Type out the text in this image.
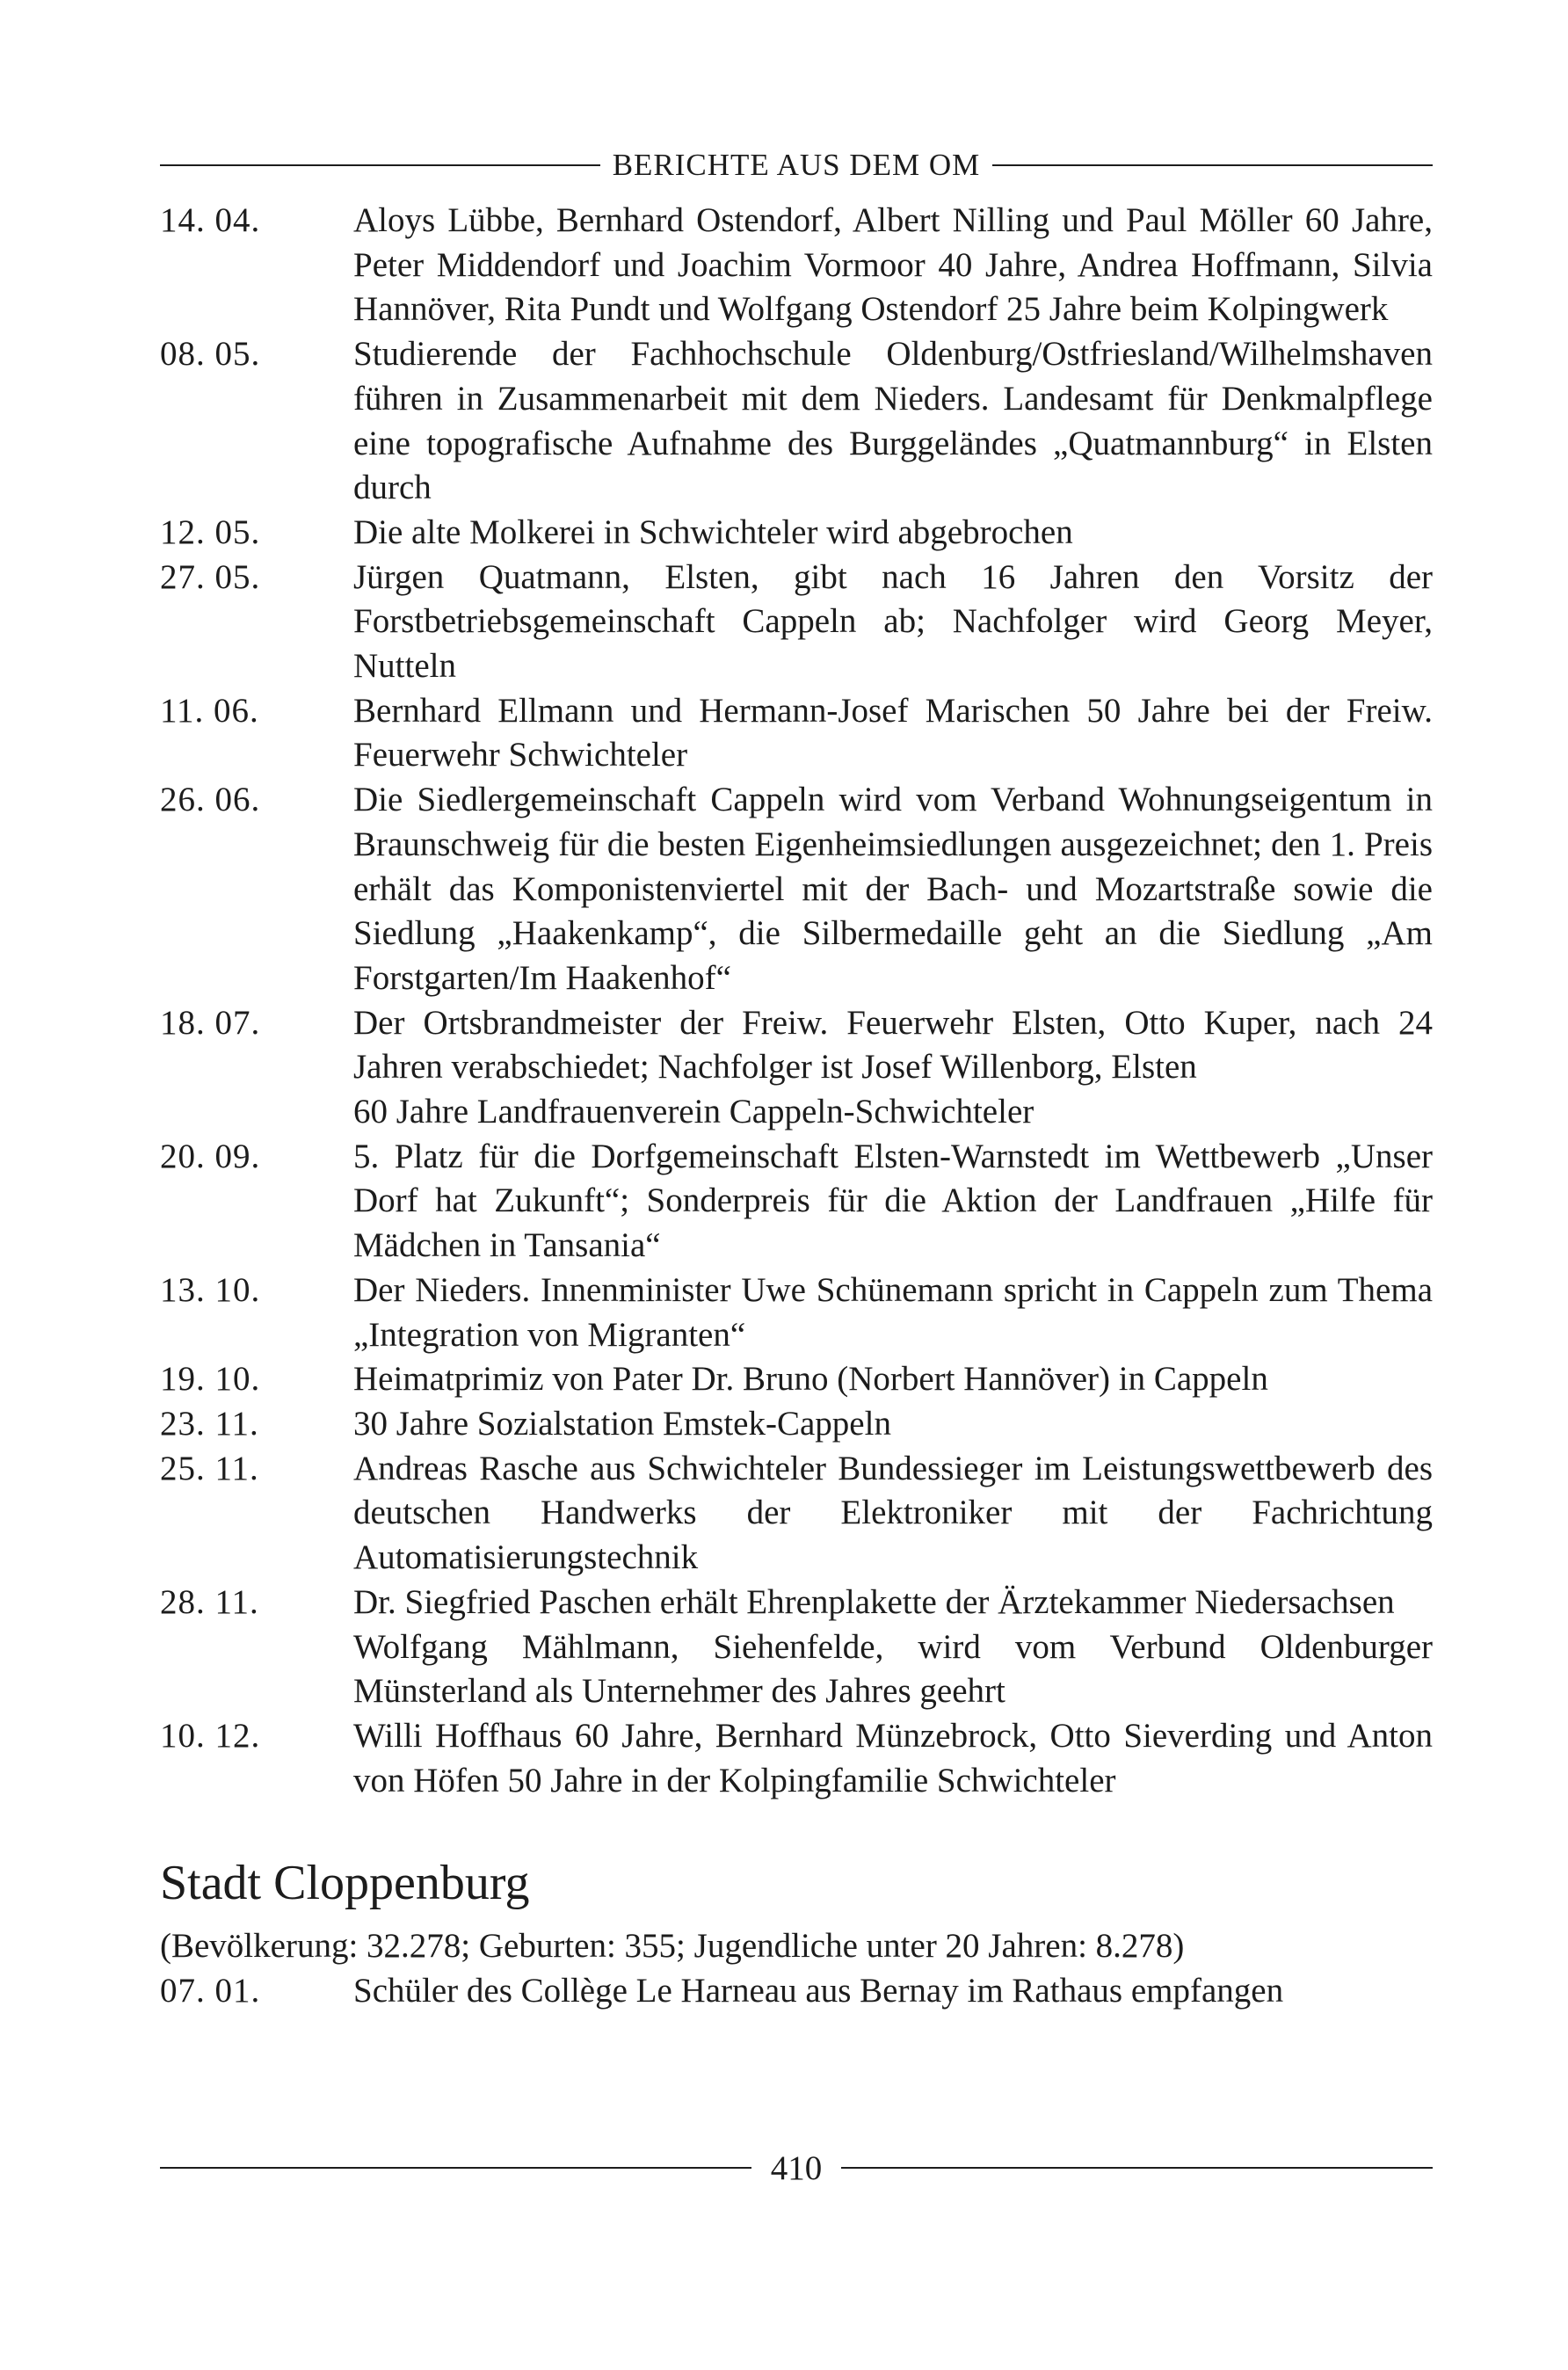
BERICHTE AUS DEM OM
14. 04.	Aloys Lübbe, Bernhard Ostendorf, Albert Nilling und Paul Möller 60 Jahre, Peter Middendorf und Joachim Vormoor 40 Jahre, Andrea Hoffmann, Silvia Hannöver, Rita Pundt und Wolfgang Ostendorf 25 Jahre beim Kolpingwerk

08. 05.	Studierende der Fachhochschule Oldenburg/Ostfriesland/Wilhelmshaven führen in Zusammenarbeit mit dem Nieders. Landesamt für Denkmalpflege eine topografische Aufnahme des Burggeländes „Quatmannburg“ in Elsten durch

12. 05.	Die alte Molkerei in Schwichteler wird abgebrochen

27. 05.	Jürgen Quatmann, Elsten, gibt nach 16 Jahren den Vorsitz der Forstbetriebsgemeinschaft Cappeln ab; Nachfolger wird Georg Meyer, Nutteln

11. 06.	Bernhard Ellmann und Hermann-Josef Marischen 50 Jahre bei der Freiw. Feuerwehr Schwichteler

26. 06.	Die Siedlergemeinschaft Cappeln wird vom Verband Wohnungseigentum in Braunschweig für die besten Eigenheimsiedlungen ausgezeichnet; den 1. Preis erhält das Komponistenviertel mit der Bach- und Mozartstraße sowie die Siedlung „Haakenkamp“, die Silbermedaille geht an die Siedlung „Am Forstgarten/Im Haakenhof“

18. 07.	Der Ortsbrandmeister der Freiw. Feuerwehr Elsten, Otto Kuper, nach 24 Jahren verabschiedet; Nachfolger ist Josef Willenborg, Elsten

60 Jahre Landfrauenverein Cappeln-Schwichteler

20. 09.	5. Platz für die Dorfgemeinschaft Elsten-Warnstedt im Wettbewerb „Unser Dorf hat Zukunft“; Sonderpreis für die Aktion der Landfrauen „Hilfe für Mädchen in Tansania“

13. 10.	Der Nieders. Innenminister Uwe Schünemann spricht in Cappeln zum Thema „Integration von Migranten“

19. 10.	Heimatprimiz von Pater Dr. Bruno (Norbert Hannöver) in Cappeln

23. 11.	30 Jahre Sozialstation Emstek-Cappeln

25. 11.	Andreas Rasche aus Schwichteler Bundessieger im Leistungswettbewerb des deutschen Handwerks der Elektroniker mit der Fachrichtung Automatisierungstechnik

28. 11.	Dr. Siegfried Paschen erhält Ehrenplakette der Ärztekammer Niedersachsen

Wolfgang Mählmann, Siehenfelde, wird vom Verbund Oldenburger Münsterland als Unternehmer des Jahres geehrt

10. 12.	Willi Hoffhaus 60 Jahre, Bernhard Münzebrock, Otto Sieverding und Anton von Höfen 50 Jahre in der Kolpingfamilie Schwichteler

Stadt Cloppenburg
(Bevölkerung: 32.278; Geburten: 355; Jugendliche unter 20 Jahren: 8.278)
07. 01.	Schüler des Collège Le Harneau aus Bernay im Rathaus empfangen

410
